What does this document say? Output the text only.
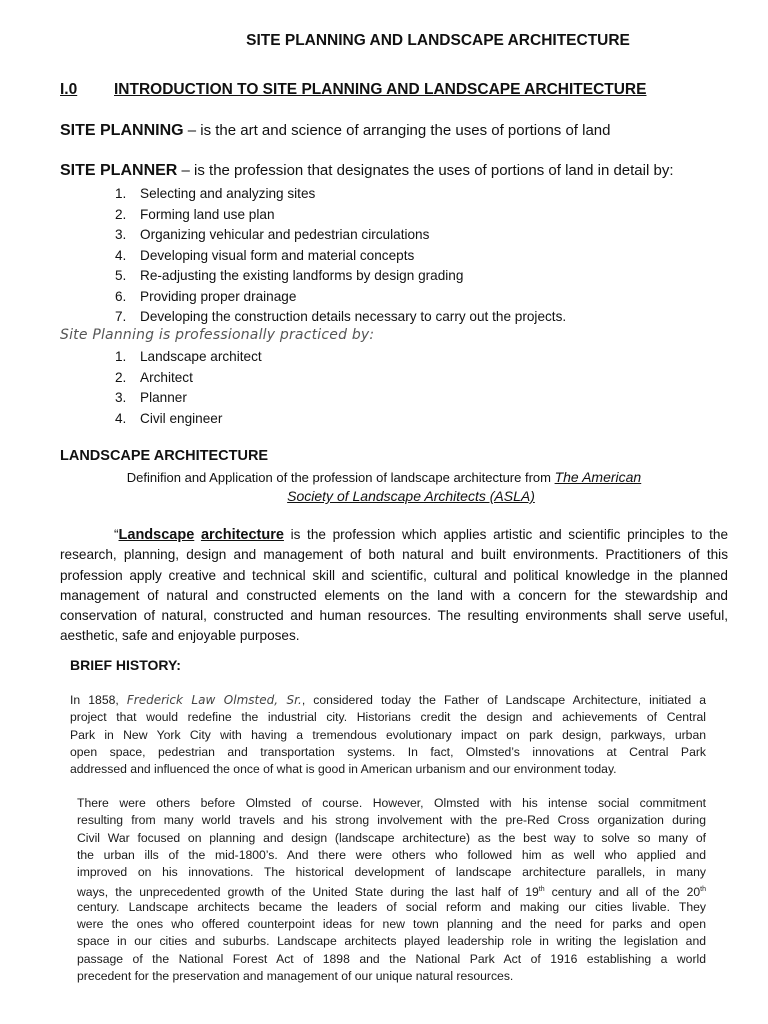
SITE PLANNING AND LANDSCAPE ARCHITECTURE
I.0 INTRODUCTION TO SITE PLANNING AND LANDSCAPE ARCHITECTURE
SITE PLANNING – is the art and science of arranging the uses of portions of land
SITE PLANNER – is the profession that designates the uses of portions of land in detail by:
1. Selecting and analyzing sites
2. Forming land use plan
3. Organizing vehicular and pedestrian circulations
4. Developing visual form and material concepts
5. Re-adjusting the existing landforms by design grading
6. Providing proper drainage
7. Developing the construction details necessary to carry out the projects.
Site Planning is professionally practiced by:
1. Landscape architect
2. Architect
3. Planner
4. Civil engineer
LANDSCAPE ARCHITECTURE
Definifion and Application of the profession of landscape architecture from The American
Society of Landscape Architects (ASLA)
“Landscape architecture is the profession which applies artistic and scientific principles to the
research, planning, design and management of both natural and built environments. Practitioners of this
profession apply creative and technical skill and scientific, cultural and political knowledge in the planned
management of natural and constructed elements on the land with a concern for the stewardship and
conservation of natural, constructed and human resources. The resulting environments shall serve useful,
aesthetic, safe and enjoyable purposes.
BRIEF HISTORY:
In 1858, Frederick Law Olmsted, Sr., considered today the Father of Landscape Architecture, initiated a
project that would redefine the industrial city. Historians credit the design and achievements of Central
Park in New York City with having a tremendous evolutionary impact on park design, parkways, urban
open space, pedestrian and transportation systems. In fact, Olmsted’s innovations at Central Park
addressed and influenced the once of what is good in American urbanism and our environment today.
There were others before Olmsted of course. However, Olmsted with his intense social commitment
resulting from many world travels and his strong involvement with the pre-Red Cross organization during
Civil War focused on planning and design (landscape architecture) as the best way to solve so many of
the urban ills of the mid-1800’s. And there were others who followed him as well who applied and
improved on his innovations. The historical development of landscape architecture parallels, in many
ways, the unprecedented growth of the United State during the last half of 19th century and all of the 20th
century. Landscape architects became the leaders of social reform and making our cities livable. They
were the ones who offered counterpoint ideas for new town planning and the need for parks and open
space in our cities and suburbs. Landscape architects played leadership role in writing the legislation and
passage of the National Forest Act of 1898 and the National Park Act of 1916 establishing a world
precedent for the preservation and management of our unique natural resources.
